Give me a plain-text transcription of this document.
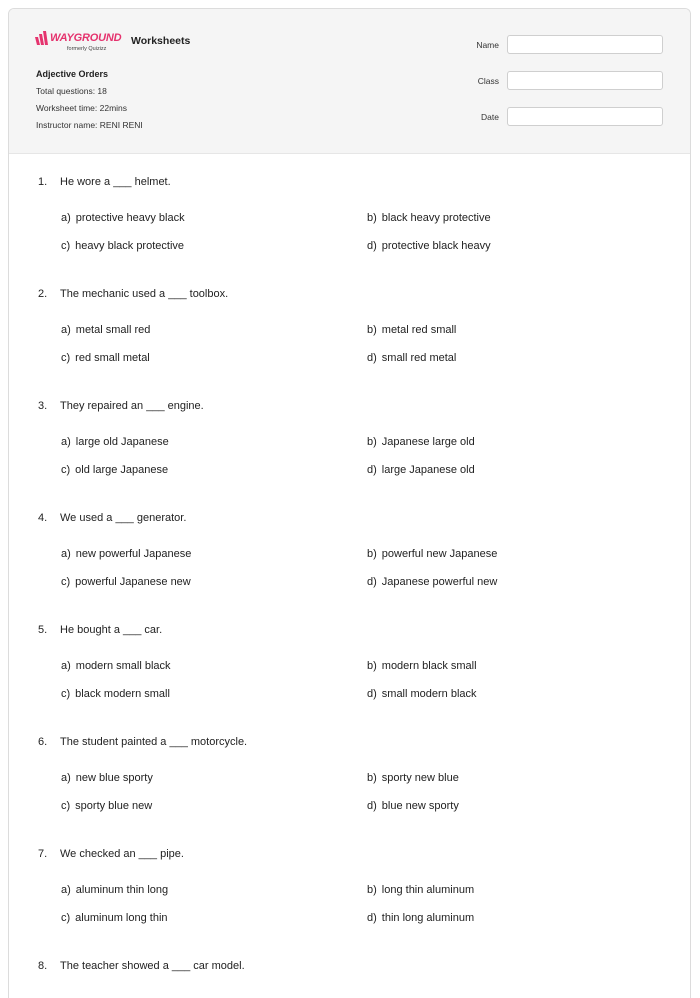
WAYGROUND
formerly Quizizz
Worksheets
Adjective Orders
Total questions: 18
Worksheet time: 22mins
Instructor name: RENI RENI
Name
Class
Date
1.	He wore a ___ helmet.
a) protective heavy black	b) black heavy protective
c) heavy black protective	d) protective black heavy
2.	The mechanic used a ___ toolbox.
a) metal small red	b) metal red small
c) red small metal	d) small red metal
3.	They repaired an ___ engine.
a) large old Japanese	b) Japanese large old
c) old large Japanese	d) large Japanese old
4.	We used a ___ generator.
a) new powerful Japanese	b) powerful new Japanese
c) powerful Japanese new	d) Japanese powerful new
5.	He bought a ___ car.
a) modern small black	b) modern black small
c) black modern small	d) small modern black
6.	The student painted a ___ motorcycle.
a) new blue sporty	b) sporty new blue
c) sporty blue new	d) blue new sporty
7.	We checked an ___ pipe.
a) aluminum thin long	b) long thin aluminum
c) aluminum long thin	d) thin long aluminum
8.	The teacher showed a ___ car model.
